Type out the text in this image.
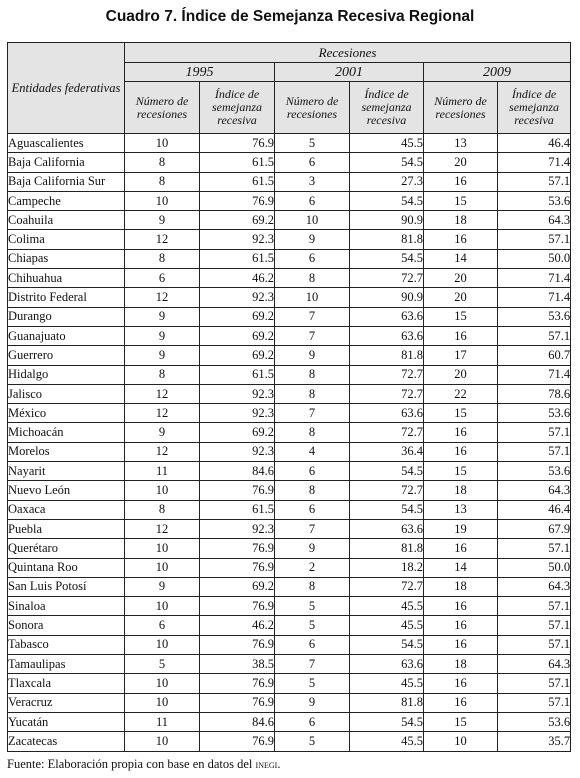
Cuadro 7. Índice de Semejanza Recesiva Regional
Entidades federativas	Recesiones					
	1995		2001		2009	
	Número de recesiones	Índice de semejanza recesiva	Número de recesiones	Índice de semejanza recesiva	Número de recesiones	Índice de semejanza recesiva
Aguascalientes	10	76.9	5	45.5	13	46.4
Baja California	8	61.5	6	54.5	20	71.4
Baja California Sur	8	61.5	3	27.3	16	57.1
Campeche	10	76.9	6	54.5	15	53.6
Coahuila	9	69.2	10	90.9	18	64.3
Colima	12	92.3	9	81.8	16	57.1
Chiapas	8	61.5	6	54.5	14	50.0
Chihuahua	6	46.2	8	72.7	20	71.4
Distrito Federal	12	92.3	10	90.9	20	71.4
Durango	9	69.2	7	63.6	15	53.6
Guanajuato	9	69.2	7	63.6	16	57.1
Guerrero	9	69.2	9	81.8	17	60.7
Hidalgo	8	61.5	8	72.7	20	71.4
Jalisco	12	92.3	8	72.7	22	78.6
México	12	92.3	7	63.6	15	53.6
Michoacán	9	69.2	8	72.7	16	57.1
Morelos	12	92.3	4	36.4	16	57.1
Nayarit	11	84.6	6	54.5	15	53.6
Nuevo León	10	76.9	8	72.7	18	64.3
Oaxaca	8	61.5	6	54.5	13	46.4
Puebla	12	92.3	7	63.6	19	67.9
Querétaro	10	76.9	9	81.8	16	57.1
Quintana Roo	10	76.9	2	18.2	14	50.0
San Luis Potosí	9	69.2	8	72.7	18	64.3
Sinaloa	10	76.9	5	45.5	16	57.1
Sonora	6	46.2	5	45.5	16	57.1
Tabasco	10	76.9	6	54.5	16	57.1
Tamaulipas	5	38.5	7	63.6	18	64.3
Tlaxcala	10	76.9	5	45.5	16	57.1
Veracruz	10	76.9	9	81.8	16	57.1
Yucatán	11	84.6	6	54.5	15	53.6
Zacatecas	10	76.9	5	45.5	10	35.7
Fuente: Elaboración propia con base en datos del inegi.
